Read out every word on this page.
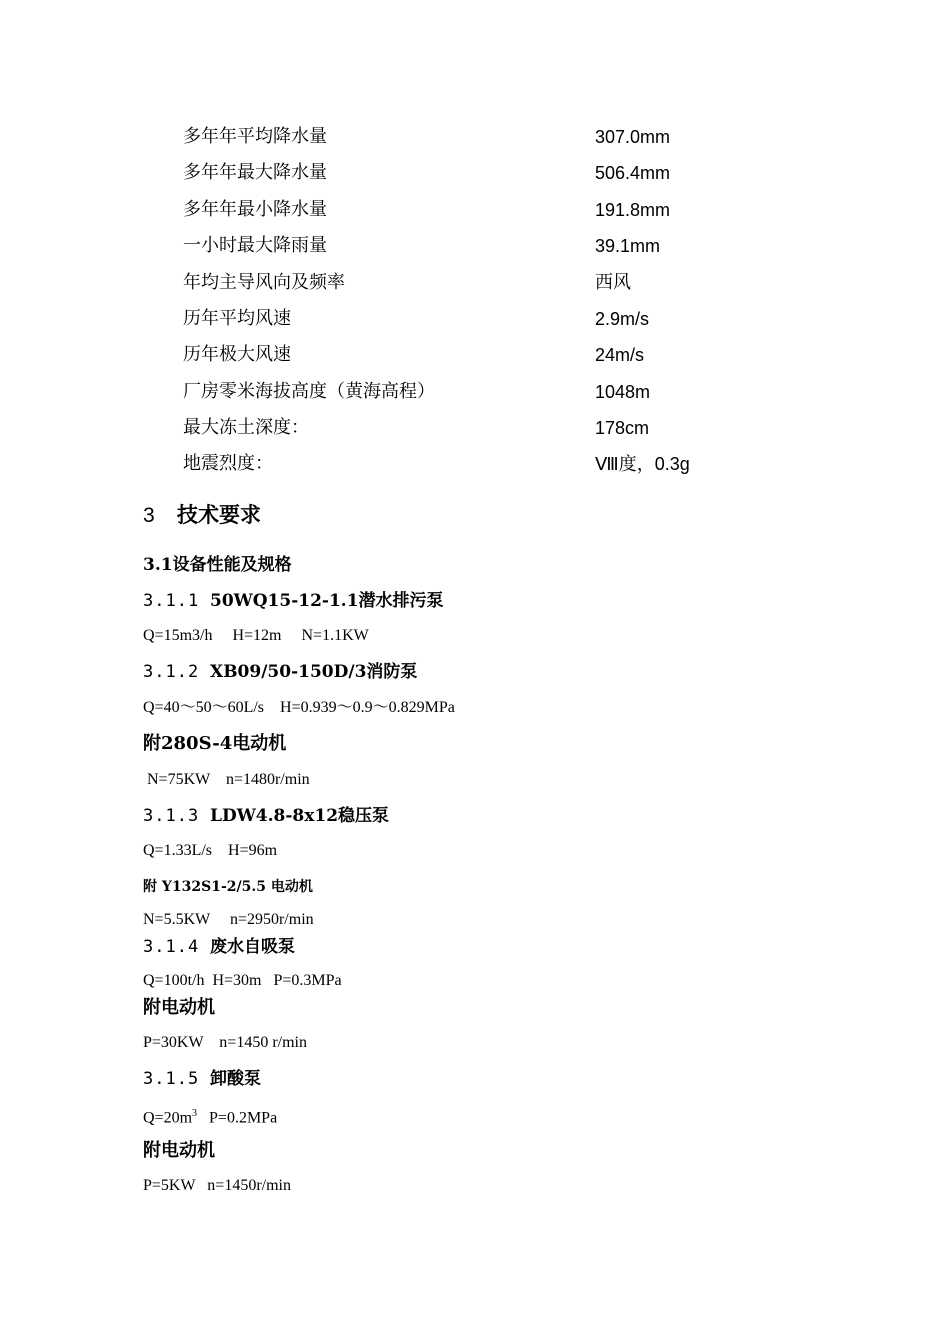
多年年平均降水量	307.0mm
多年年最大降水量	506.4mm
多年年最小降水量	191.8mm
一小时最大降雨量	39.1mm
年均主导风向及频率	西风
历年平均风速	2.9m/s
历年极大风速	24m/s
厂房零米海拔高度（黄海高程）	1048m
最大冻土深度：	178cm
地震烈度：	Ⅷ度，0.3g
3 技术要求
3.1设备性能及规格
3.1.1 50WQ15-12-1.1潜水排污泵
Q=15m3/h     H=12m     N=1.1KW
3.1.2 XB09/50-150D/3消防泵
Q=40～50～60L/s    H=0.939～0.9～0.829MPa
附280S-4电动机
N=75KW    n=1480r/min
3.1.3 LDW4.8-8x12稳压泵
Q=1.33L/s    H=96m
附 Y132S1-2/5.5 电动机
N=5.5KW     n=2950r/min
3.1.4 废水自吸泵
Q=100t/h  H=30m   P=0.3MPa
附电动机
P=30KW    n=1450 r/min
3.1.5 卸酸泵
$Q=20m^3$   P=0.2MPa
附电动机
P=5KW   n=1450r/min
